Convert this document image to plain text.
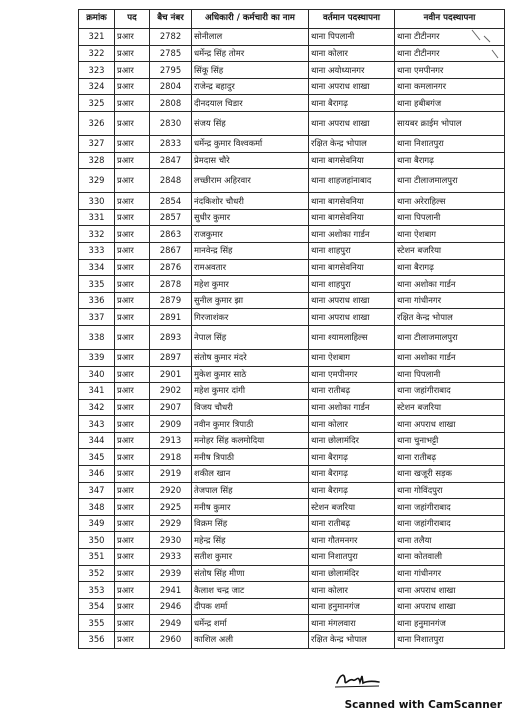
क्रमांक	पद	बैच नंबर	अधिकारी / कर्मचारी का नाम	वर्तमान पदस्थापना	नवीन पदस्थापना
321	प्रआर	2782	सोनीलाल	थाना पिपलानी	थाना टीटीनगर
322	प्रआर	2785	धर्मेन्द्र सिंह तोमर	थाना कोलार	थाना टीटीनगर
323	प्रआर	2795	सिंकू सिंह	थाना अयोध्यानगर	थाना एमपीनगर
324	प्रआर	2804	राजेन्द्र बहादुर	थाना अपराध शाखा	थाना कमलानगर
325	प्रआर	2808	दीनदयाल चिडार	थाना बैरागढ़	थाना हबीबगंज
326	प्रआर	2830	संजय सिंह	थाना अपराध शाखा	सायबर क्राईम भोपाल
327	प्रआर	2833	धर्मेन्द्र कुमार विश्वकर्मा	रक्षित केन्द्र भोपाल	थाना निशातपुरा
328	प्रआर	2847	प्रेमदास चौरे	थाना बागसेवनिया	थाना बैरागढ़
329	प्रआर	2848	लच्छीराम अहिरवार	थाना शाहजहांनाबाद	थाना टीलाजमालपुरा
330	प्रआर	2854	नंदकिशोर चौधरी	थाना बागसेवनिया	थाना अरेराहिल्स
331	प्रआर	2857	सुधीर कुमार	थाना बागसेवनिया	थाना पिपलानी
332	प्रआर	2863	राजकुमार	थाना अशोका गार्डन	थाना ऐशबाग
333	प्रआर	2867	मानवेन्द्र सिंह	थाना शाहपुरा	स्टेशन बजरिया
334	प्रआर	2876	रामअवतार	थाना बागसेवनिया	थाना बैरागढ़
335	प्रआर	2878	महेश कुमार	थाना शाहपुरा	थाना अशोका गार्डन
336	प्रआर	2879	सुनील कुमार झा	थाना अपराध शाखा	थाना गांधीनगर
337	प्रआर	2891	गिरजाशंकर	थाना अपराध शाखा	रक्षित केन्द्र भोपाल
338	प्रआर	2893	नेपाल सिंह	थाना श्यामलाहिल्स	थाना टीलाजमालपुरा
339	प्रआर	2897	संतोष कुमार मंदरे	थाना ऐशबाग	थाना अशोका गार्डन
340	प्रआर	2901	मुकेश कुमार साठे	थाना एमपीनगर	थाना पिपलानी
341	प्रआर	2902	महेश कुमार दांगी	थाना रातीबढ़	थाना जहांगीराबाद
342	प्रआर	2907	विजय चौधरी	थाना अशोका गार्डन	स्टेशन बजरिया
343	प्रआर	2909	नवीन कुमार त्रिपाठी	थाना कोलार	थाना अपराध शाखा
344	प्रआर	2913	मनोहर सिंह कलमोदिया	थाना छोलामंदिर	थाना चुनाभट्टी
345	प्रआर	2918	मनीष त्रिपाठी	थाना बैरागढ़	थाना रातीबढ़
346	प्रआर	2919	शकील खान	थाना बैरागढ़	थाना खजूरी सड़क
347	प्रआर	2920	तेजपाल सिंह	थाना बैरागढ़	थाना गोविंदपुरा
348	प्रआर	2925	मनीष कुमार	स्टेशन बजरिया	थाना जहांगीराबाद
349	प्रआर	2929	विक्रम सिंह	थाना रातीबढ़	थाना जहांगीराबाद
350	प्रआर	2930	महेन्द्र सिंह	थाना गौतमनगर	थाना तलैया
351	प्रआर	2933	सतीश कुमार	थाना निशातपुरा	थाना कोतवाली
352	प्रआर	2939	संतोष सिंह मीणा	थाना छोलामंदिर	थाना गांधीनगर
353	प्रआर	2941	कैलाश चन्द्र जाट	थाना कोलार	थाना अपराध शाखा
354	प्रआर	2946	दीपक शर्मा	थाना हनुमानगंज	थाना अपराध शाखा
355	प्रआर	2949	धर्मेन्द्र शर्मा	थाना मंगलवारा	थाना हनुमानगंज
356	प्रआर	2960	काशिल अली	रक्षित केन्द्र भोपाल	थाना निशातपुरा
Scanned with CamScanner
